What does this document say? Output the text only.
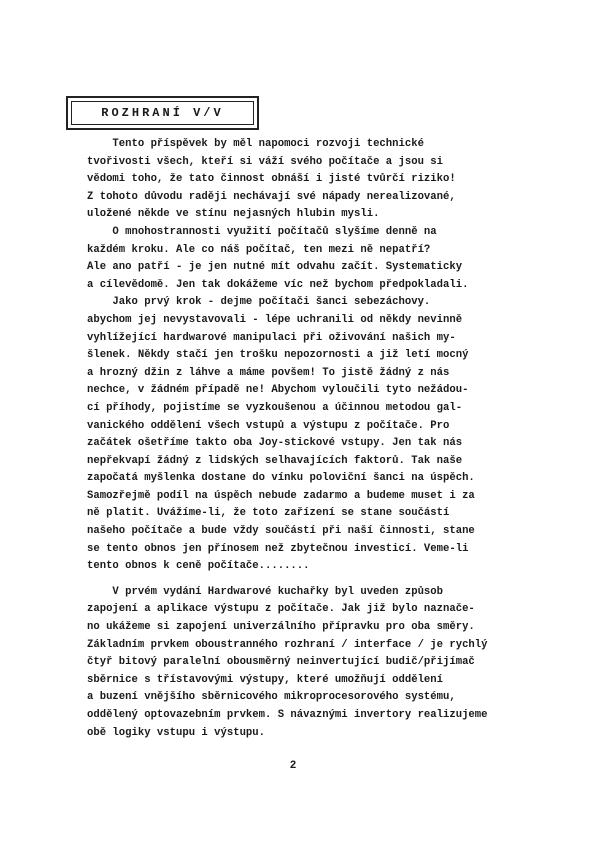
ROZHRANÍ V/V
Tento příspěvek by měl napomoci rozvoji technické
tvořivosti všech, kteří si váží svého počítače a jsou si
vědomi toho, že tato činnost obnáší i jisté tvůrčí riziko!
Z tohoto důvodu raději nechávají své nápady nerealizované,
uložené někde ve stínu nejasných hlubin mysli.
O mnohostrannosti využití počítačů slyšíme denně na
každém kroku. Ale co náš počítač, ten mezi ně nepatří?
Ale ano patří - je jen nutné mít odvahu začít. Systematicky
a cílevědomě. Jen tak dokážeme víc než bychom předpokladali.
Jako prvý krok - dejme počítači šanci sebezáchovy.
abychom jej nevystavovali - lépe uchranili od někdy nevinně
vyhlížející hardwarové manipulaci při oživování našich my-
šlenek. Někdy stačí jen trošku nepozornosti a již letí mocný
a hrozný džin z láhve a máme povšem! To jistě žádný z nás
nechce, v žádném případě ne! Abychom vyloučili tyto nežádou-
cí příhody, pojistíme se vyzkoušenou a účinnou metodou gal-
vanického oddělení všech vstupů a výstupu z počítače. Pro
začátek ošetříme takto oba Joy-stickové vstupy. Jen tak nás
nepřekvapí žádný z lidských selhavajících faktorů. Tak naše
započatá myšlenka dostane do vínku poloviční šanci na úspěch.
Samozřejmě podíl na úspěch nebude zadarmo a budeme muset i za
ně platit. Uvážíme-li, že toto zařízení se stane součástí
našeho počítače a bude vždy součástí při naší činnosti, stane
se tento obnos jen přínosem než zbytečnou investicí. Veme-li
tento obnos k ceně počítače........
V prvém vydání Hardwarové kuchařky byl uveden způsob
zapojení a aplikace výstupu z počítače. Jak již bylo naznače-
no ukážeme si zapojení univerzálního přípravku pro oba směry.
Základním prvkem oboustranného rozhraní / interface / je rychlý
čtyř bitový paralelní obousměrný neinvertující budič/přijímač
sběrnice s třístavovými výstupy, které umožňují oddělení
a buzení vnějšího sběrnicového mikroprocesorového systému,
oddělený optovazebním prvkem. S návaznými invertory realizujeme
obě logiky vstupu i výstupu.
2
